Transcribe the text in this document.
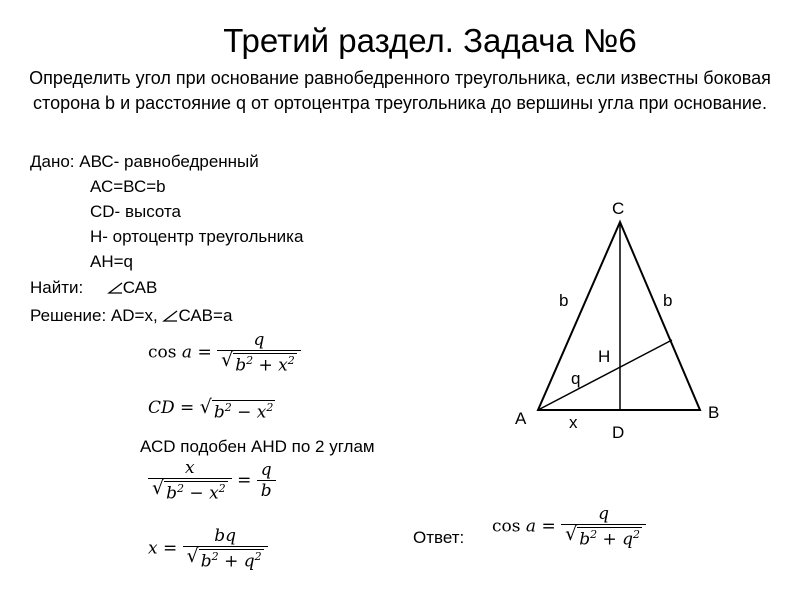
Третий раздел. Задача №6
Определить угол при основание равнобедренного треугольника, если известны боковая сторона b и расстояние q от ортоцентра треугольника до вершины угла при основание.
Дано: АВС- равнобедренный
АС=ВС=b
СD- высота
Н- ортоцентр треугольника
АН=q
Найти: САВ
Решение: АD=x, САВ=a
$\cos a = \frac{q}{√ b^2 + x^2}$
CD = √ $b^2 - x^2$
АСD подобен АНD по 2 углам
$\frac{x}{√ b^2 - x^2} = \frac{q}{b}$
$x = \frac{bq}{√ b^2 + q^2}$	Ответ:
$\cos a = \frac{q}{√ b^2 + q^2}$
C
A	B
D
H
b	b
q
x
